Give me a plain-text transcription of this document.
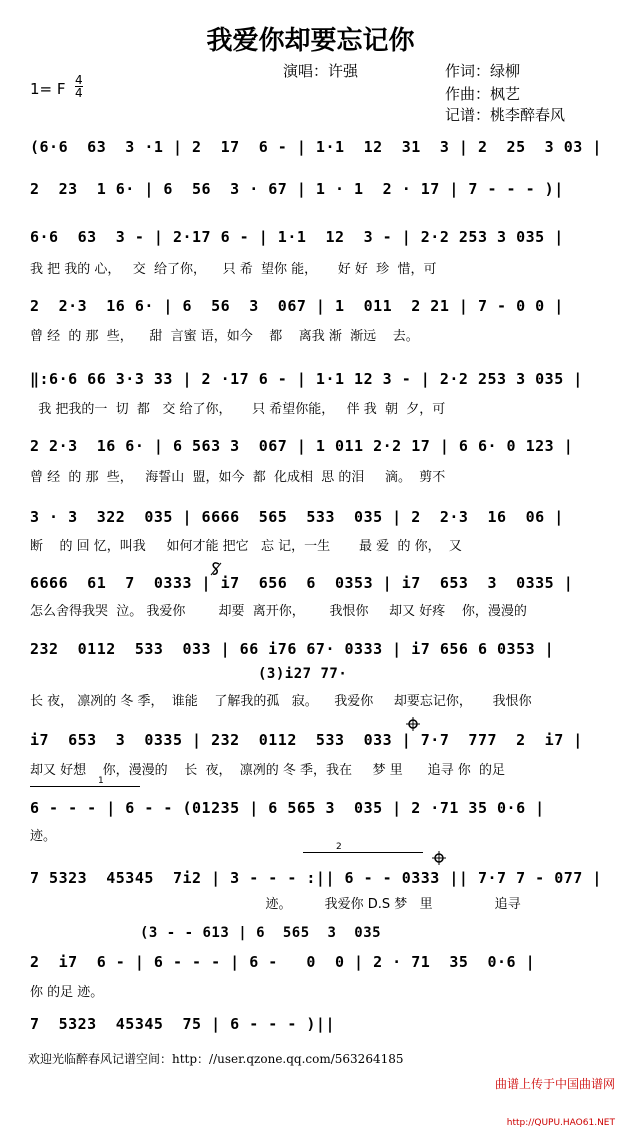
我爱你却要忘记你
演唱：许强	作词：绿柳
作曲：枫艺
记谱：桃李醉春风
1= F $\frac{4}{4}$
(6·6  63  3 ·1 | 2  17  6 - | 1·1  12  31  3 | 2  25  3 03 |
2  23  1 6· | 6  56  3 · 67 | 1 · 1  2 · 17 | 7 - - - )|
6·6  63  3 - | 2·17 6 - | 1·1  12  3 - | 2·2 253 3 035 |
我 把 我的 心，   交  给了你，    只 希  望你 能，     好 好  珍  惜，可
2  2·3  16 6· | 6  56  3  067 | 1  011  2 21 | 7 - 0 0 |
曾 经  的 那  些，    甜  言蜜 语，如今    都    离我 渐  渐远    去。
‖:6·6 66 3·3 33 | 2 ·17 6 - | 1·1 12 3 - | 2·2 253 3 035 |
我 把我的一  切  都   交 给了你，     只 希望你能，   伴 我  朝  夕，可
2 2·3  16 6· | 6 563 3  067 | 1 011 2·2 17 | 6 6· 0 123 |
曾 经  的 那  些，   海誓山  盟，如今  都  化成相  思 的泪     滴。  剪不
3 · 3  322  035 | 6666  565  533  035 | 2  2·3  16  06 |
断    的 回 忆，叫我     如何才能 把它   忘 记，一生       最 爱  的 你，  又
6666  61  7  0333 | i7  656  6  0353 | i7  653  3  0335 |
怎么舍得我哭  泣。 我爱你        却要  离开你，      我恨你     却又 好疼    你，漫漫的
232  0112  533  033 | 66 i76 67· 0333 | i7 656 6 0353 |
(3)i27 77·
长 夜， 凛冽的 冬 季，  谁能    了解我的孤   寂。    我爱你     却要忘记你，     我恨你
i7  653  3  0335 | 232  0112  533  033 | 7·7  777  2  i7 |
却又 好想    你，漫漫的    长  夜，  凛冽的 冬 季，我在     梦 里      追寻 你  的足
1
6 - - - | 6 - - (01235 | 6 565 3  035 | 2 ·71 35 0·6 |
迹。
2
7 5323  45345  7i2 | 3 - - - :|| 6 - - 0333 || 7·7 7 - 077 |
迹。        我爱你 D.S 梦   里               追寻
(3 - - 613 | 6  565  3  035
2  i7  6 - | 6 - - - | 6 -   0  0 | 2 · 71  35  0·6 |
你 的足 迹。
7  5323  45345  75 | 6 - - - )||
欢迎光临醉春风记谱空间：http：//user.qzone.qq.com/563264185

曲谱上传于中国曲谱网

http://QUPU.HAO61.NET
